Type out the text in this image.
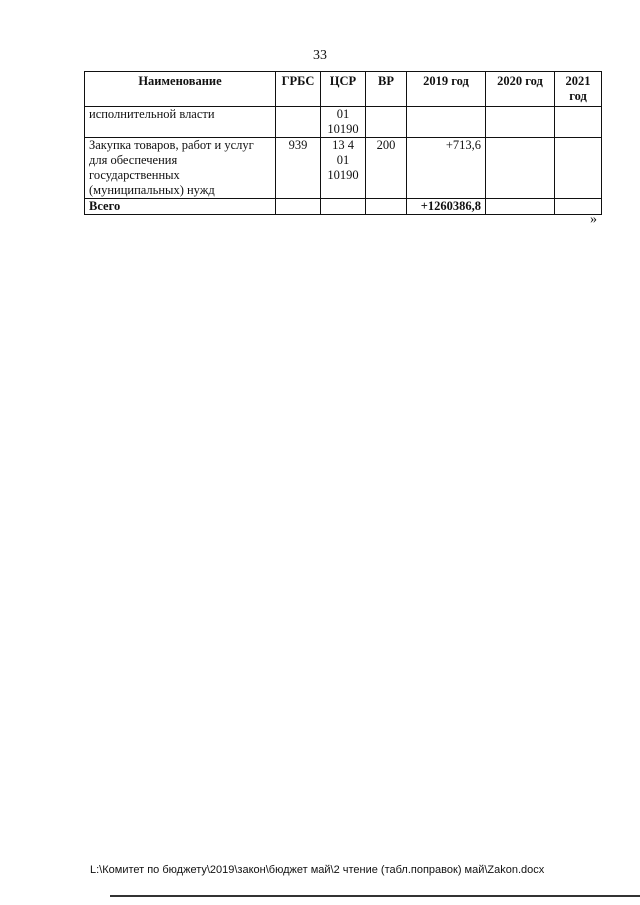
33
Наименование	ГРБС	ЦСР	ВР	2019 год	2020 год	2021 год
исполнительной власти		01 10190				
Закупка товаров, работ и услуг для обеспечения государственных (муниципальных) нужд	939	13 4 01 10190	200	+713,6		
Всего				+1260386,8		
»
L:\Комитет по бюджету\2019\закон\бюджет май\2 чтение (табл.поправок) май\Zakon.docx
